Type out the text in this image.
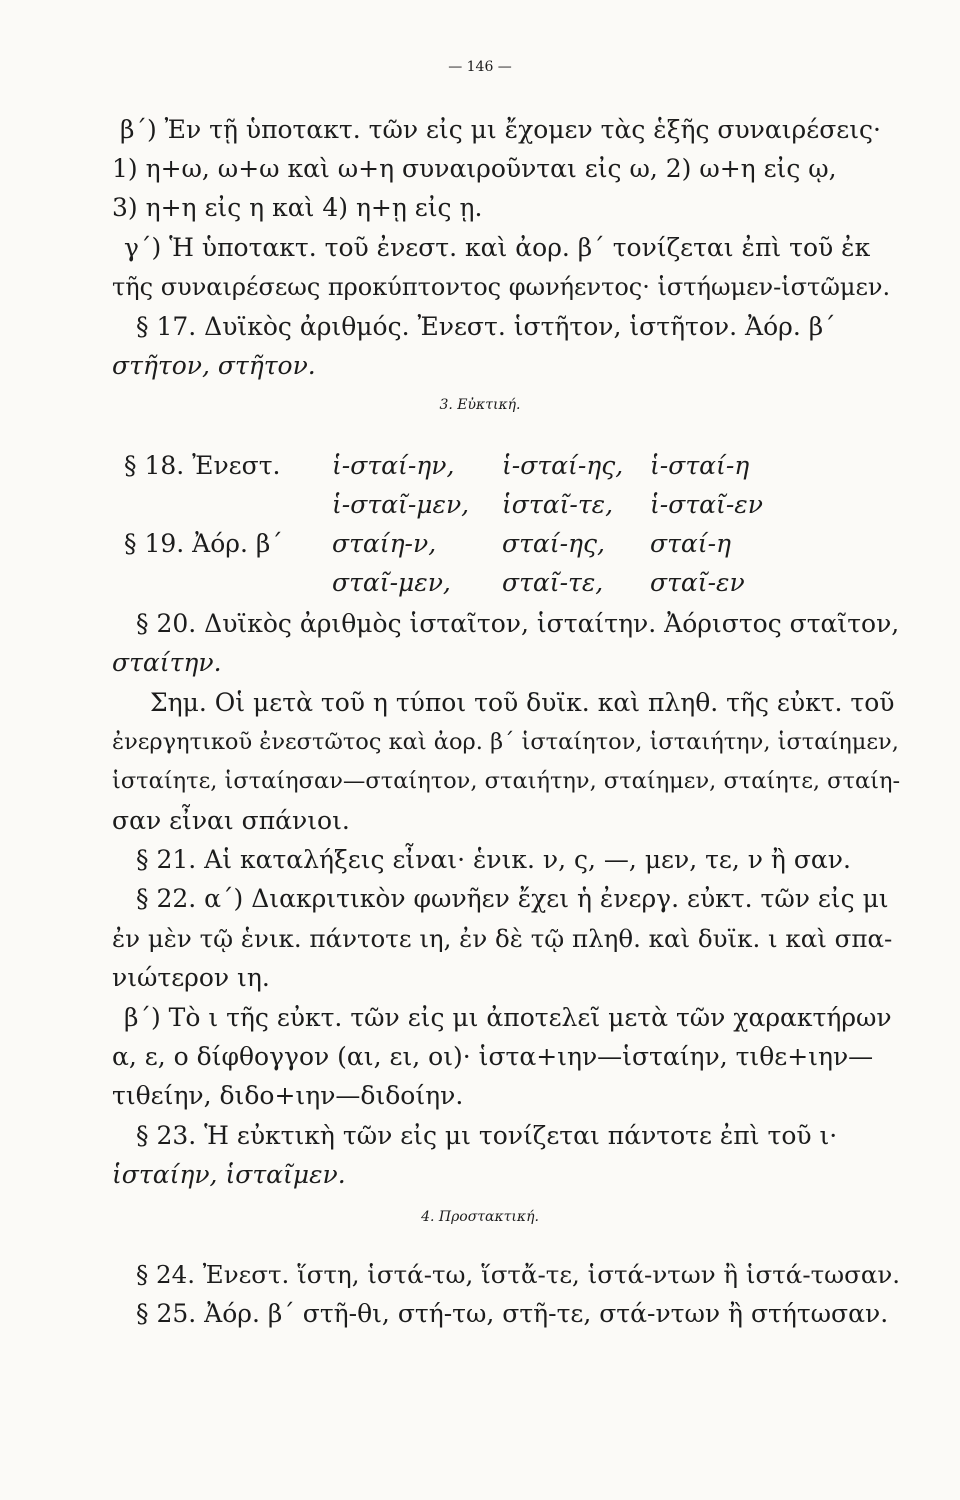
— 146 —
β΄) Ἐν τῇ ὑποτακτ. τῶν εἰς μι ἔχομεν τὰς ἑξῆς συναιρέσεις·
1) η+ω, ω+ω καὶ ω+η συναιροῦνται εἰς ω, 2) ω+η εἰς ῳ,
3) η+η εἰς η καὶ 4) η+ῃ εἰς ῃ.
γ΄) Ἡ ὑποτακτ. τοῦ ἐνεστ. καὶ ἀορ. β΄ τονίζεται ἐπὶ τοῦ ἐκ
τῆς συναιρέσεως προκύπτοντος φωνήεντος· ἱστήωμεν-ἱστῶμεν.
§ 17. Δυϊκὸς ἀριθμός. Ἐνεστ. ἱστῆτον, ἱστῆτον. Ἀόρ. β΄
στῆτον, στῆτον.
3. Εὐκτική.
§ 18. Ἐνεστ. ἱ-σταί-ην, ἱ-σταί-ης, ἱ-σταί-η
ἱ-σταῖ-μεν, ἱσταῖ-τε, ἱ-σταῖ-εν
§ 19. Ἀόρ. β΄ σταίη-ν,	σταί-ης, σταί-η
σταῖ-μεν, σταῖ-τε, σταῖ-εν
§ 20. Δυϊκὸς ἀριθμὸς ἱσταῖτον, ἱσταίτην. Ἀόριστος σταῖτον,
σταίτην.
Σημ. Οἱ μετὰ τοῦ η τύποι τοῦ δυϊκ. καὶ πληθ. τῆς εὐκτ. τοῦ
ἐνεργητικοῦ ἐνεστῶτος καὶ ἀορ. β΄ ἱσταίητον, ἱσταιήτην, ἱσταίημεν,
ἱσταίητε, ἱσταίησαν—σταίητον, σταιήτην, σταίημεν, σταίητε, σταίη-
σαν εἶναι σπάνιοι.
§ 21. Αἱ καταλήξεις εἶναι· ἑνικ. ν, ς, —, μεν, τε, ν ἢ σαν.
§ 22. α΄) Διακριτικὸν φωνῆεν ἔχει ἡ ἐνεργ. εὐκτ. τῶν εἰς μι
ἐν μὲν τῷ ἑνικ. πάντοτε ιη, ἐν δὲ τῷ πληθ. καὶ δυϊκ. ι καὶ σπα-
νιώτερον ιη.
β΄) Τὸ ι τῆς εὐκτ. τῶν εἰς μι ἀποτελεῖ μετὰ τῶν χαρακτήρων
α, ε, ο δίφθογγον (αι, ει, οι)· ἱστα+ιην—ἱσταίην, τιθε+ιην—
τιθείην, διδο+ιην—διδοίην.
§ 23. Ἡ εὐκτικὴ τῶν εἰς μι τονίζεται πάντοτε ἐπὶ τοῦ ι·
ἱσταίην, ἱσταῖμεν.
4. Προστακτική.
§ 24. Ἐνεστ. ἵστη, ἱστά-τω, ἵστἄ-τε, ἱστά-ντων ἢ ἱστά-τωσαν.
§ 25. Ἀόρ. β΄ στῆ-θι, στή-τω, στῆ-τε, στά-ντων ἢ στήτωσαν.
